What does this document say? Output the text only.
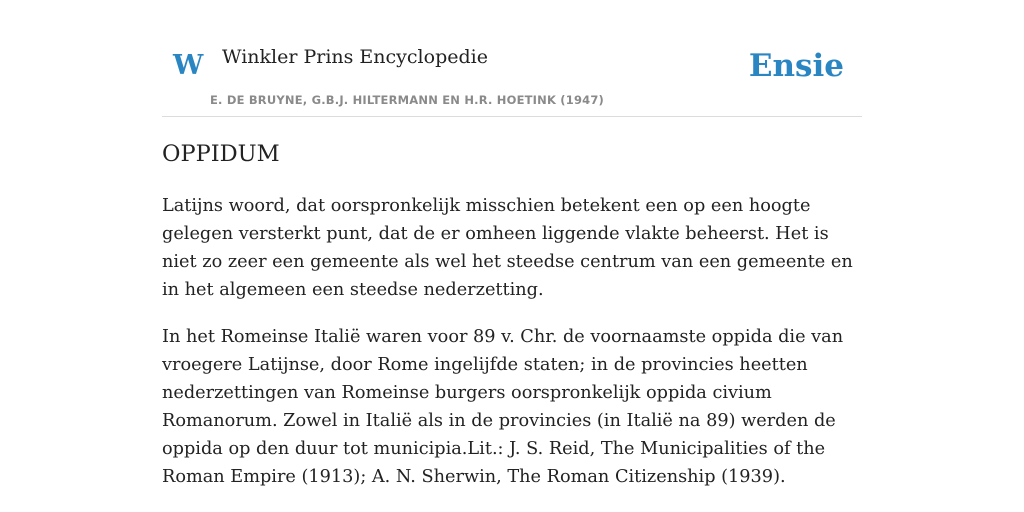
W Winkler Prins Encyclopedie
E. DE BRUYNE, G.B.J. HILTERMANN EN H.R. HOETINK (1947)
Ensie
OPPIDUM

Latijns woord, dat oorspronkelijk misschien betekent een op een hoogte gelegen versterkt punt, dat de er omheen liggende vlakte beheerst. Het is niet zo zeer een gemeente als wel het steedse centrum van een gemeente en in het algemeen een steedse nederzetting.

In het Romeinse Italië waren voor 89 v. Chr. de voornaamste oppida die van vroegere Latijnse, door Rome ingelijfde staten; in de provincies heetten nederzettingen van Romeinse burgers oorspronkelijk oppida civium Romanorum. Zowel in Italië als in de provincies (in Italië na 89) werden de oppida op den duur tot municipia.Lit.: J. S. Reid, The Municipalities of the Roman Empire (1913); A. N. Sherwin, The Roman Citizenship (1939).
